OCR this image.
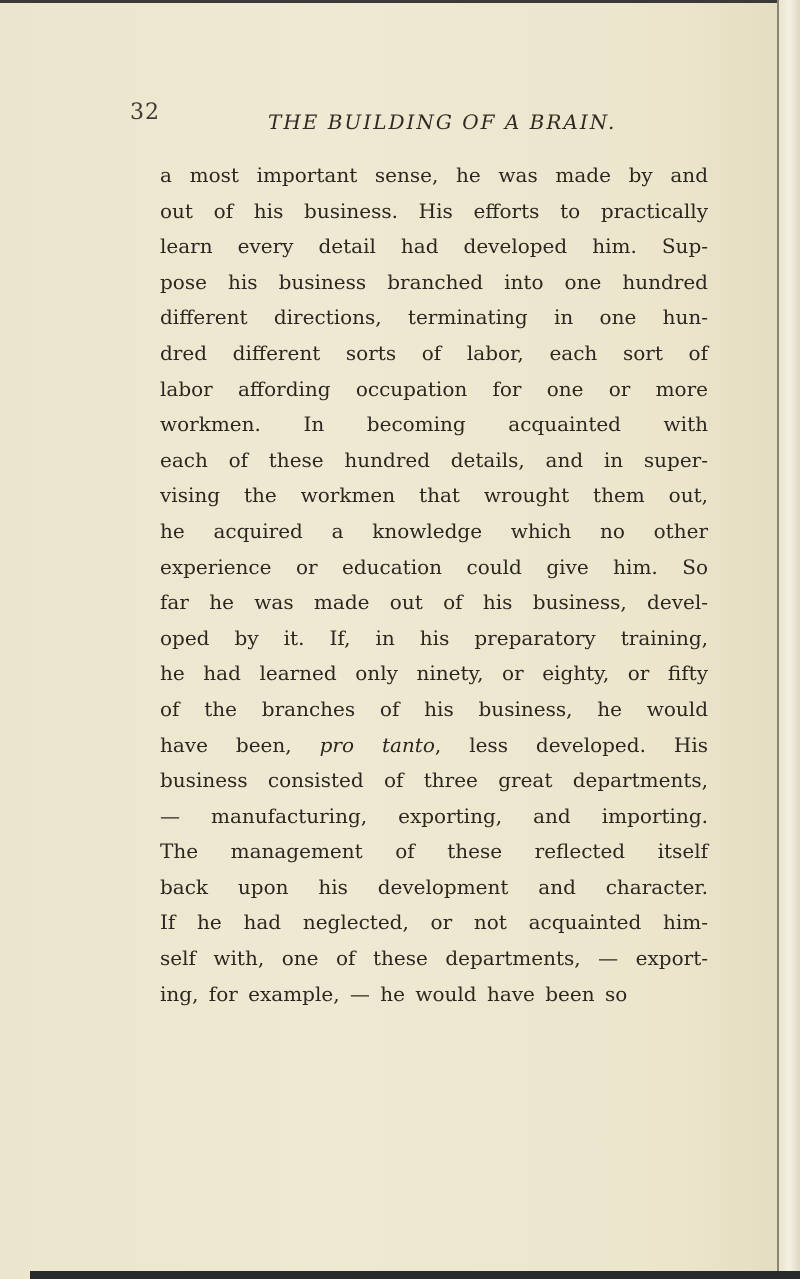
32	THE BUILDING OF A BRAIN.
a most important sense, he was made by and
out of his business. His efforts to practically
learn every detail had developed him. Sup-
pose his business branched into one hundred
different directions, terminating in one hun-
dred different sorts of labor, each sort of
labor affording occupation for one or more
workmen. In becoming acquainted with
each of these hundred details, and in super-
vising the workmen that wrought them out,
he acquired a knowledge which no other
experience or education could give him. So
far he was made out of his business, devel-
oped by it. If, in his preparatory training,
he had learned only ninety, or eighty, or fifty
of the branches of his business, he would
have been, pro tanto, less developed. His
business consisted of three great departments,
— manufacturing, exporting, and importing.
The management of these reflected itself
back upon his development and character.
If he had neglected, or not acquainted him-
self with, one of these departments, — export-
ing, for example, — he would have been so
